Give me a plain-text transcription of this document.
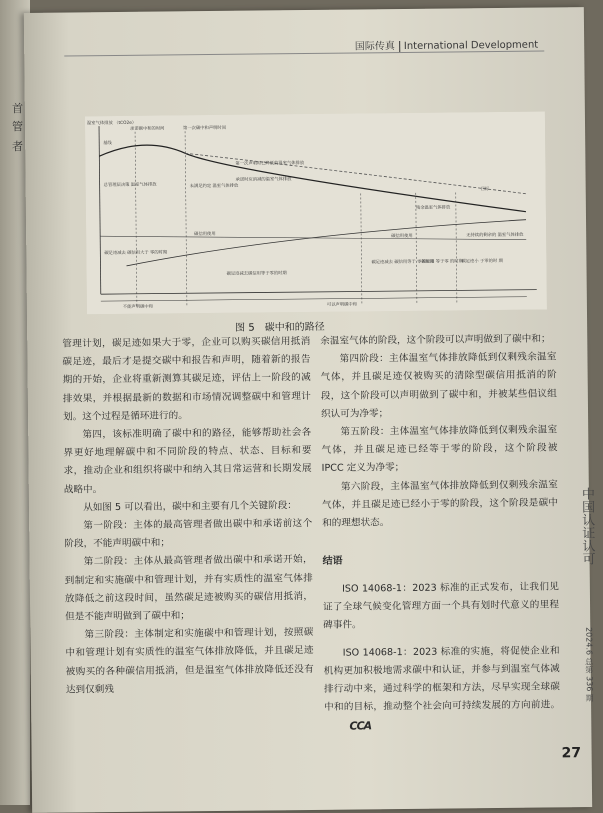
首
管
者
国际传真 International Development
温室气体排放 （tCO2e）
承诺碳中和的时间	第一次碳中和声明时间
基线
第一次声明时已降低的温室气体排放
承诺时应消减的温室气体排放
总管理层决策 温室气体排放	未满足约定 温室气体排放
目标
残余温室气体排放
碳信用使用	碳信用使用	无持续的剩余的 温室气体排放
碳足迹减去 碳信用大于 零的时期
碳足迹减去碳信用等于零的时期
碳足迹减去 碳信用等于 零的时期
碳足迹 等于零 的时期
碳足迹小 于零的时 期
不能声明碳中和	可以声明碳中和
图 5 碳中和的路径

管理计划，碳足迹如果大于零，企业可以购买碳信用抵消碳足迹，最后才是提交碳中和报告和声明，随着新的报告期的开始，企业将重新测算其碳足迹，评估上一阶段的减排效果，并根据最新的数据和市场情况调整碳中和管理计划。这个过程是循环进行的。

第四，该标准明确了碳中和的路径，能够帮助社会各界更好地理解碳中和不同阶段的特点、状态、目标和要求，推动企业和组织将碳中和纳入其日常运营和长期发展战略中。

从如图 5 可以看出，碳中和主要有几个关键阶段：

第一阶段：主体的最高管理者做出碳中和承诺前这个阶段，不能声明碳中和；

第二阶段：主体从最高管理者做出碳中和承诺开始，到制定和实施碳中和管理计划，并有实质性的温室气体排放降低之前这段时间，虽然碳足迹被购买的碳信用抵消，但是不能声明做到了碳中和；

第三阶段：主体制定和实施碳中和管理计划，按照碳中和管理计划有实质性的温室气体排放降低，并且碳足迹被购买的各种碳信用抵消，但是温室气体排放降低还没有达到仅剩残

余温室气体的阶段，这个阶段可以声明做到了碳中和；

第四阶段：主体温室气体排放降低到仅剩残余温室气体，并且碳足迹仅被购买的清除型碳信用抵消的阶段，这个阶段可以声明做到了碳中和，并被某些倡议组织认可为净零；

第五阶段：主体温室气体排放降低到仅剩残余温室气体，并且碳足迹已经等于零的阶段，这个阶段被 IPCC 定义为净零；

第六阶段，主体温室气体排放降低到仅剩残余温室气体，并且碳足迹已经小于零的阶段，这个阶段是碳中和的理想状态。

结语

ISO 14068-1：2023 标准的正式发布，让我们见证了全球气候变化管理方面一个具有划时代意义的里程碑事件。

ISO 14068-1：2023 标准的实施，将促使企业和机构更加积极地需求碳中和认证，并参与到温室气体减排行动中来，通过科学的框架和方法，尽早实现全球碳中和的目标，推动整个社会向可持续发展的方向前进。CCA

中国认证认可
2024.6 总第 336 期
27
